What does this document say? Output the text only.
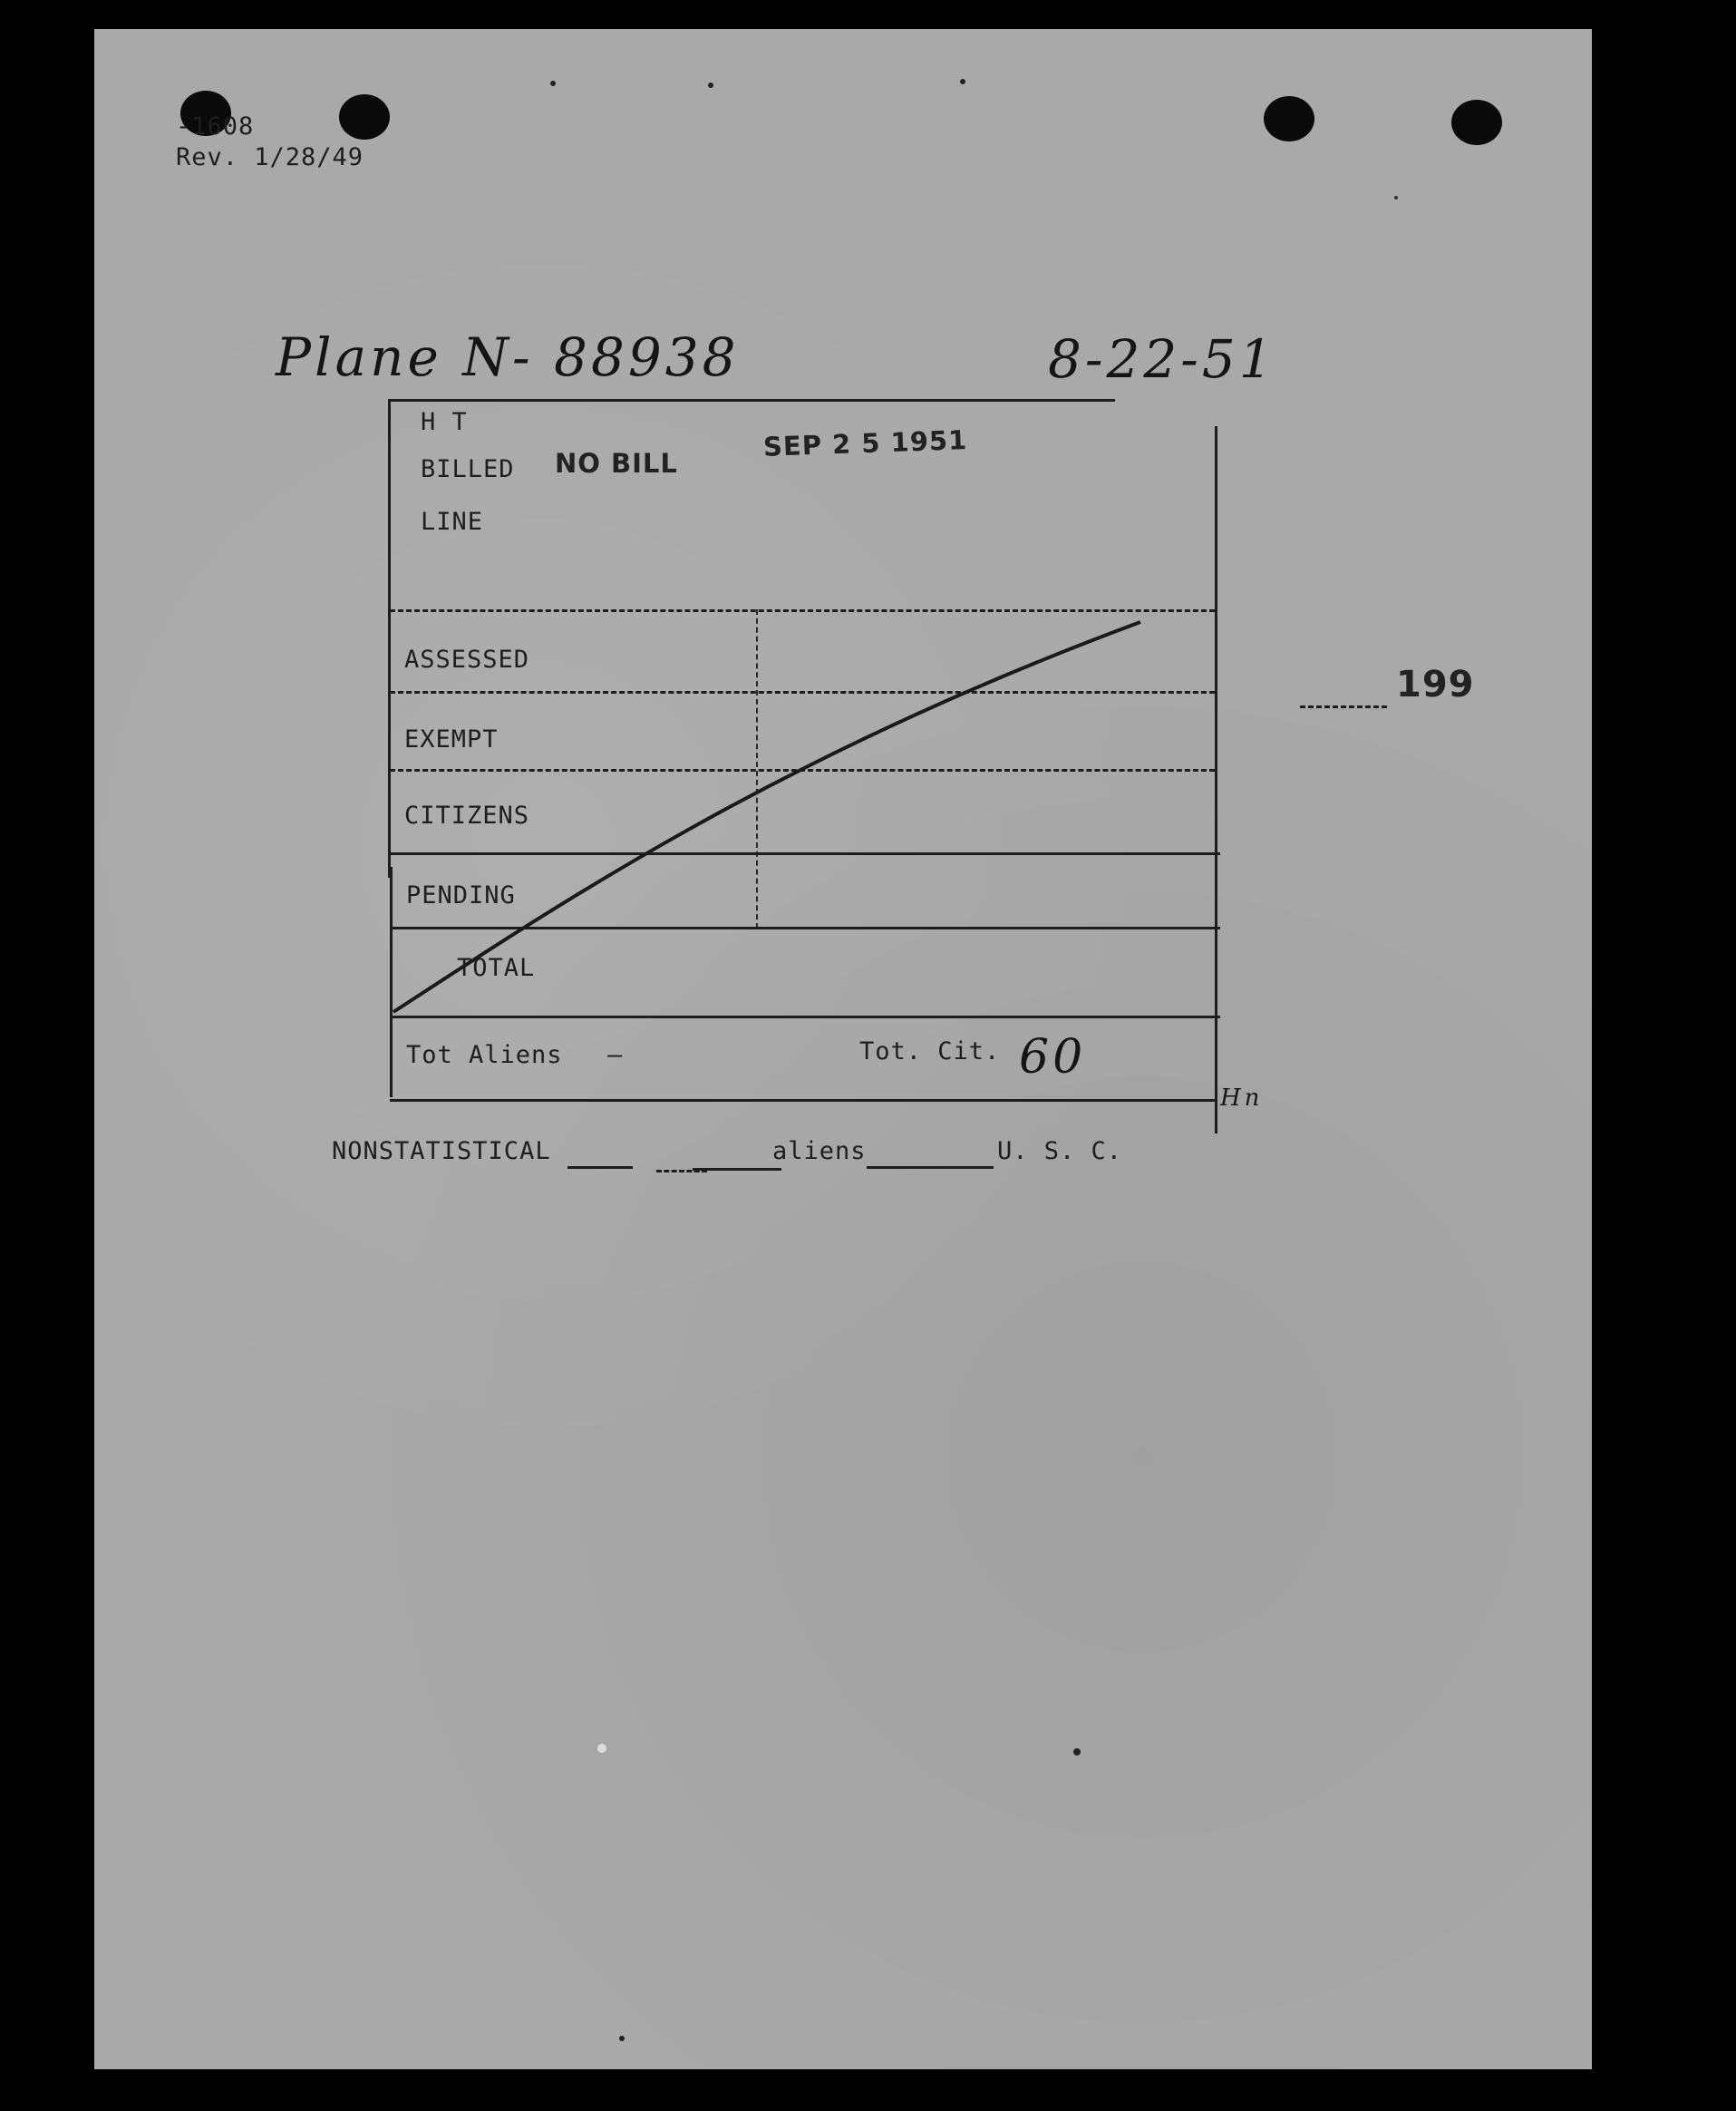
-1608
Rev. 1/28/49
Plane N- 88938	8-22-51
199
H T
BILLED NO BILL
SEP 2 5 1951
LINE
ASSESSED
EXEMPT
CITIZENS
PENDING
TOTAL
Tot Aliens —	Tot. Cit. 60
Hn
NONSTATISTICAL	aliens	U. S. C.
